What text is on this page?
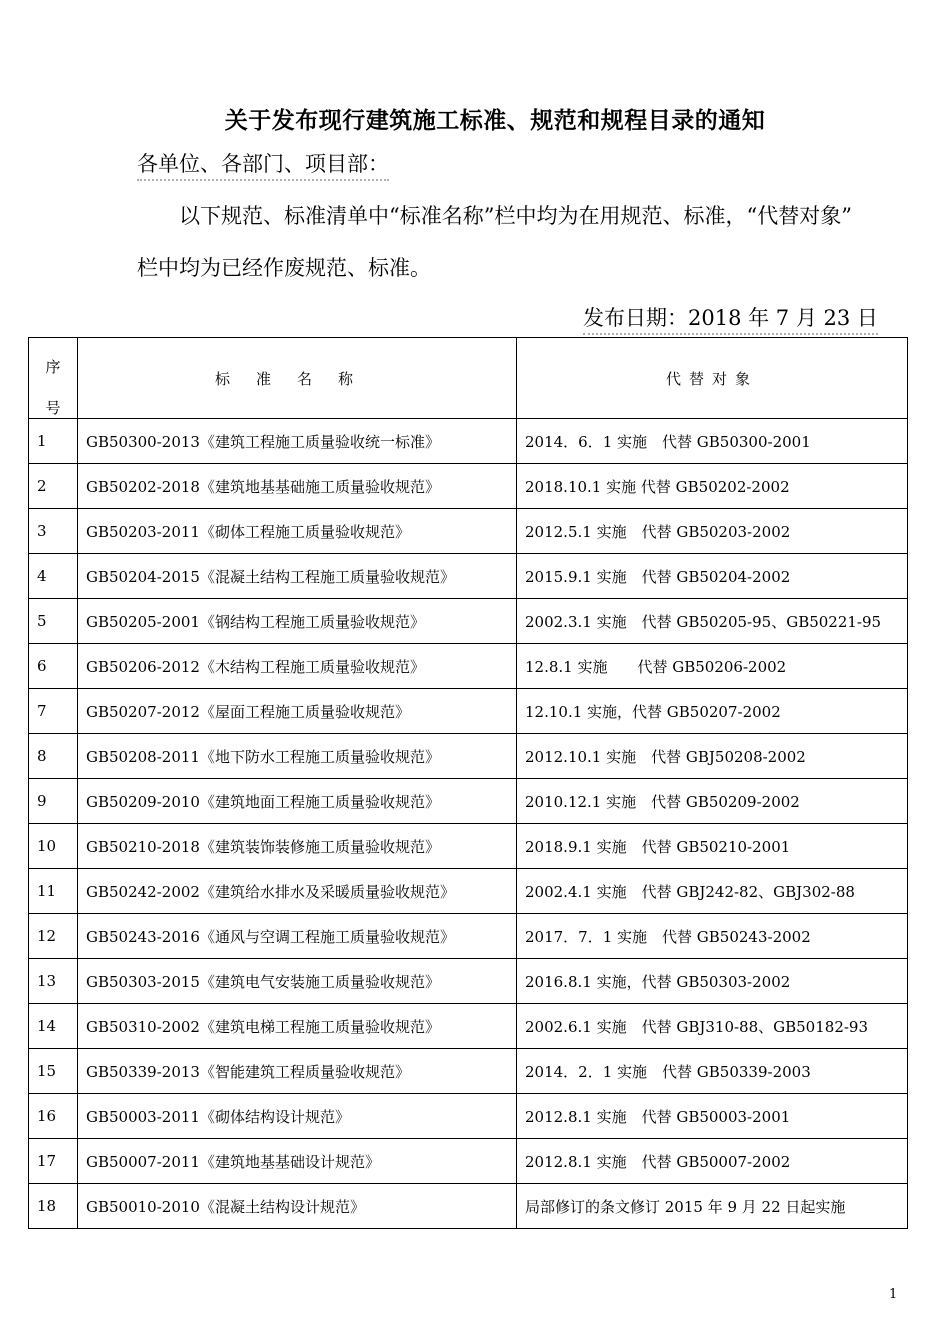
关于发布现行建筑施工标准、规范和规程目录的通知
各单位、各部门、项目部：
以下规范、标准清单中“标准名称”栏中均为在用规范、标准，“代替对象”
栏中均为已经作废规范、标准。
发布日期：2018 年 7 月 23 日
序
号	标准名称	代替对象
1	GB50300-2013《建筑工程施工质量验收统一标准》	2014．6．1 实施　代替 GB50300-2001
2	GB50202-2018《建筑地基基础施工质量验收规范》	2018.10.1 实施 代替 GB50202-2002
3	GB50203-2011《砌体工程施工质量验收规范》	2012.5.1 实施　代替 GB50203-2002
4	GB50204-2015《混凝土结构工程施工质量验收规范》	2015.9.1 实施　代替 GB50204-2002
5	GB50205-2001《钢结构工程施工质量验收规范》	2002.3.1 实施　代替 GB50205-95、GB50221-95
6	GB50206-2012《木结构工程施工质量验收规范》	12.8.1 实施　　代替 GB50206-2002
7	GB50207-2012《屋面工程施工质量验收规范》	12.10.1 实施，代替 GB50207-2002
8	GB50208-2011《地下防水工程施工质量验收规范》	2012.10.1 实施　代替 GBJ50208-2002
9	GB50209-2010《建筑地面工程施工质量验收规范》	2010.12.1 实施　代替 GB50209-2002
10	GB50210-2018《建筑装饰装修施工质量验收规范》	2018.9.1 实施　代替 GB50210-2001
11	GB50242-2002《建筑给水排水及采暖质量验收规范》	2002.4.1 实施　代替 GBJ242-82、GBJ302-88
12	GB50243-2016《通风与空调工程施工质量验收规范》	2017．7．1 实施　代替 GB50243-2002
13	GB50303-2015《建筑电气安装施工质量验收规范》	2016.8.1 实施，代替 GB50303-2002
14	GB50310-2002《建筑电梯工程施工质量验收规范》	2002.6.1 实施　代替 GBJ310-88、GB50182-93
15	GB50339-2013《智能建筑工程质量验收规范》	2014．2．1 实施　代替 GB50339-2003
16	GB50003-2011《砌体结构设计规范》	2012.8.1 实施　代替 GB50003-2001
17	GB50007-2011《建筑地基基础设计规范》	2012.8.1 实施　代替 GB50007-2002
18	GB50010-2010《混凝土结构设计规范》	局部修订的条文修订 2015 年 9 月 22 日起实施
1
